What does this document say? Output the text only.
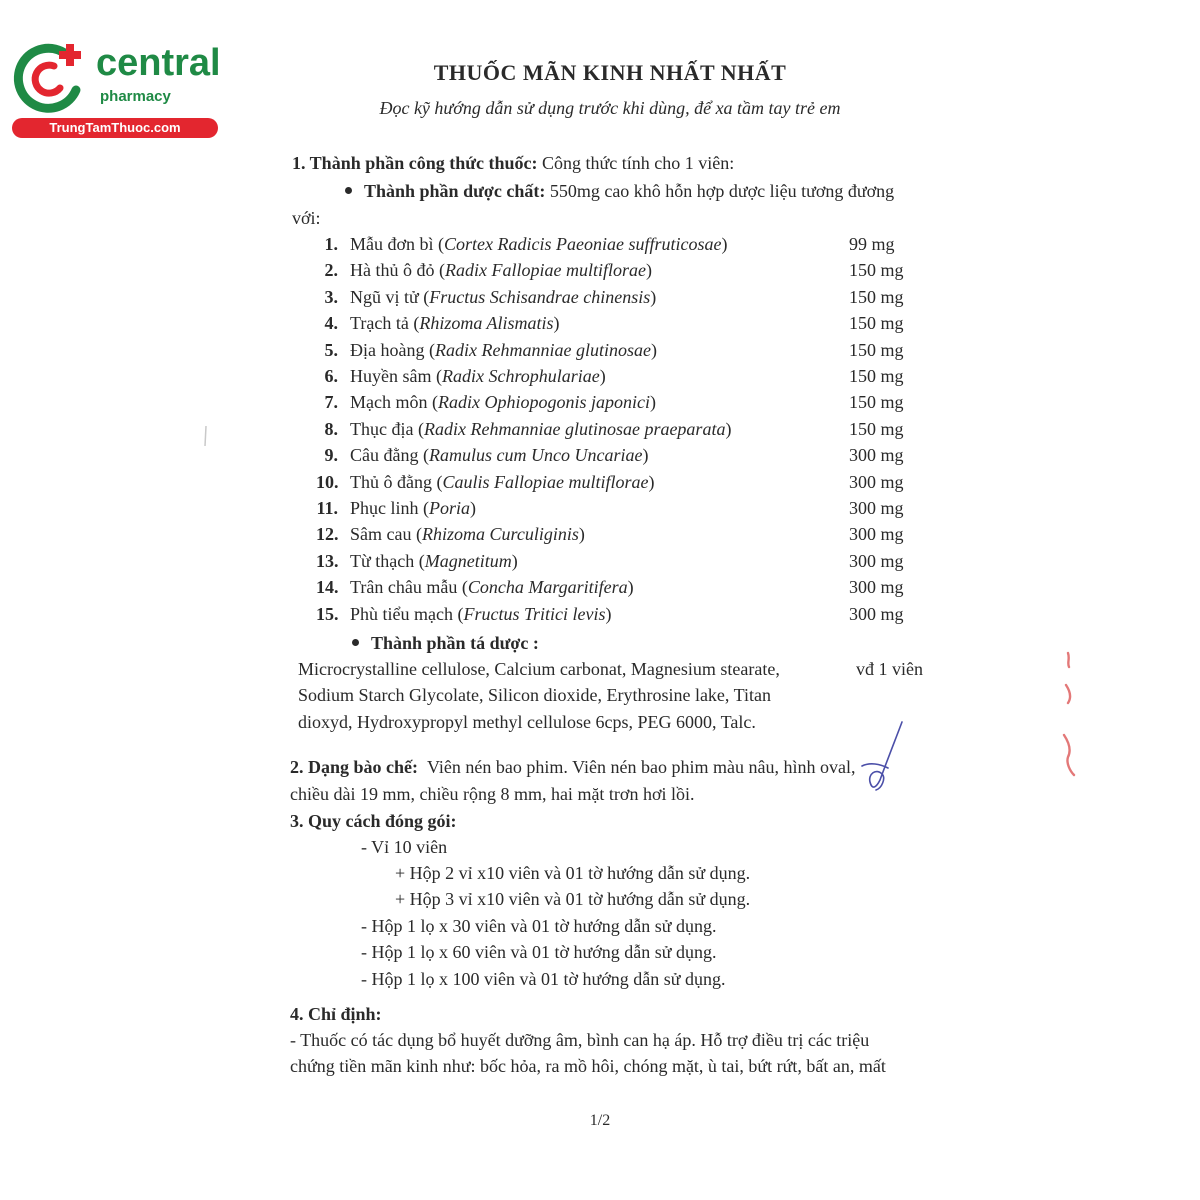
central
pharmacy
TrungTamThuoc.com
THUỐC MÃN KINH NHẤT NHẤT
Đọc kỹ hướng dẫn sử dụng trước khi dùng, để xa tầm tay trẻ em
1. Thành phần công thức thuốc: Công thức tính cho 1 viên:
Thành phần dược chất: 550mg cao khô hỗn hợp dược liệu tương đương
với:
1. Mẫu đơn bì (Cortex Radicis Paeoniae suffruticosae)	99 mg
2. Hà thủ ô đỏ (Radix Fallopiae multiflorae)	150 mg
3. Ngũ vị tử (Fructus Schisandrae chinensis)	150 mg
4. Trạch tả (Rhizoma Alismatis)	150 mg
5. Địa hoàng (Radix Rehmanniae glutinosae)	150 mg
6. Huyền sâm (Radix Schrophulariae)	150 mg
7. Mạch môn (Radix Ophiopogonis japonici)	150 mg
8. Thục địa (Radix Rehmanniae glutinosae praeparata)	150 mg
9. Câu đằng (Ramulus cum Unco Uncariae)	300 mg
10. Thủ ô đằng (Caulis Fallopiae multiflorae)	300 mg
11. Phục linh (Poria)	300 mg
12. Sâm cau (Rhizoma Curculiginis)	300 mg
13. Từ thạch (Magnetitum)	300 mg
14. Trân châu mẫu (Concha Margaritifera)	300 mg
15. Phù tiểu mạch (Fructus Tritici levis)	300 mg
Thành phần tá dược :
Microcrystalline cellulose, Calcium carbonat, Magnesium stearate,
Sodium Starch Glycolate, Silicon dioxide, Erythrosine lake, Titan
dioxyd, Hydroxypropyl methyl cellulose 6cps, PEG 6000, Talc.
vđ 1 viên
2. Dạng bào chế: Viên nén bao phim. Viên nén bao phim màu nâu, hình oval,
chiều dài 19 mm, chiều rộng 8 mm, hai mặt trơn hơi lồi.
3. Quy cách đóng gói:
- Vỉ 10 viên
+ Hộp 2 vỉ x10 viên và 01 tờ hướng dẫn sử dụng.
+ Hộp 3 vỉ x10 viên và 01 tờ hướng dẫn sử dụng.
- Hộp 1 lọ x 30 viên và 01 tờ hướng dẫn sử dụng.
- Hộp 1 lọ x 60 viên và 01 tờ hướng dẫn sử dụng.
- Hộp 1 lọ x 100 viên và 01 tờ hướng dẫn sử dụng.
4. Chỉ định:
- Thuốc có tác dụng bổ huyết dưỡng âm, bình can hạ áp. Hỗ trợ điều trị các triệu
chứng tiền mãn kinh như: bốc hỏa, ra mồ hôi, chóng mặt, ù tai, bứt rứt, bất an, mất
1/2
